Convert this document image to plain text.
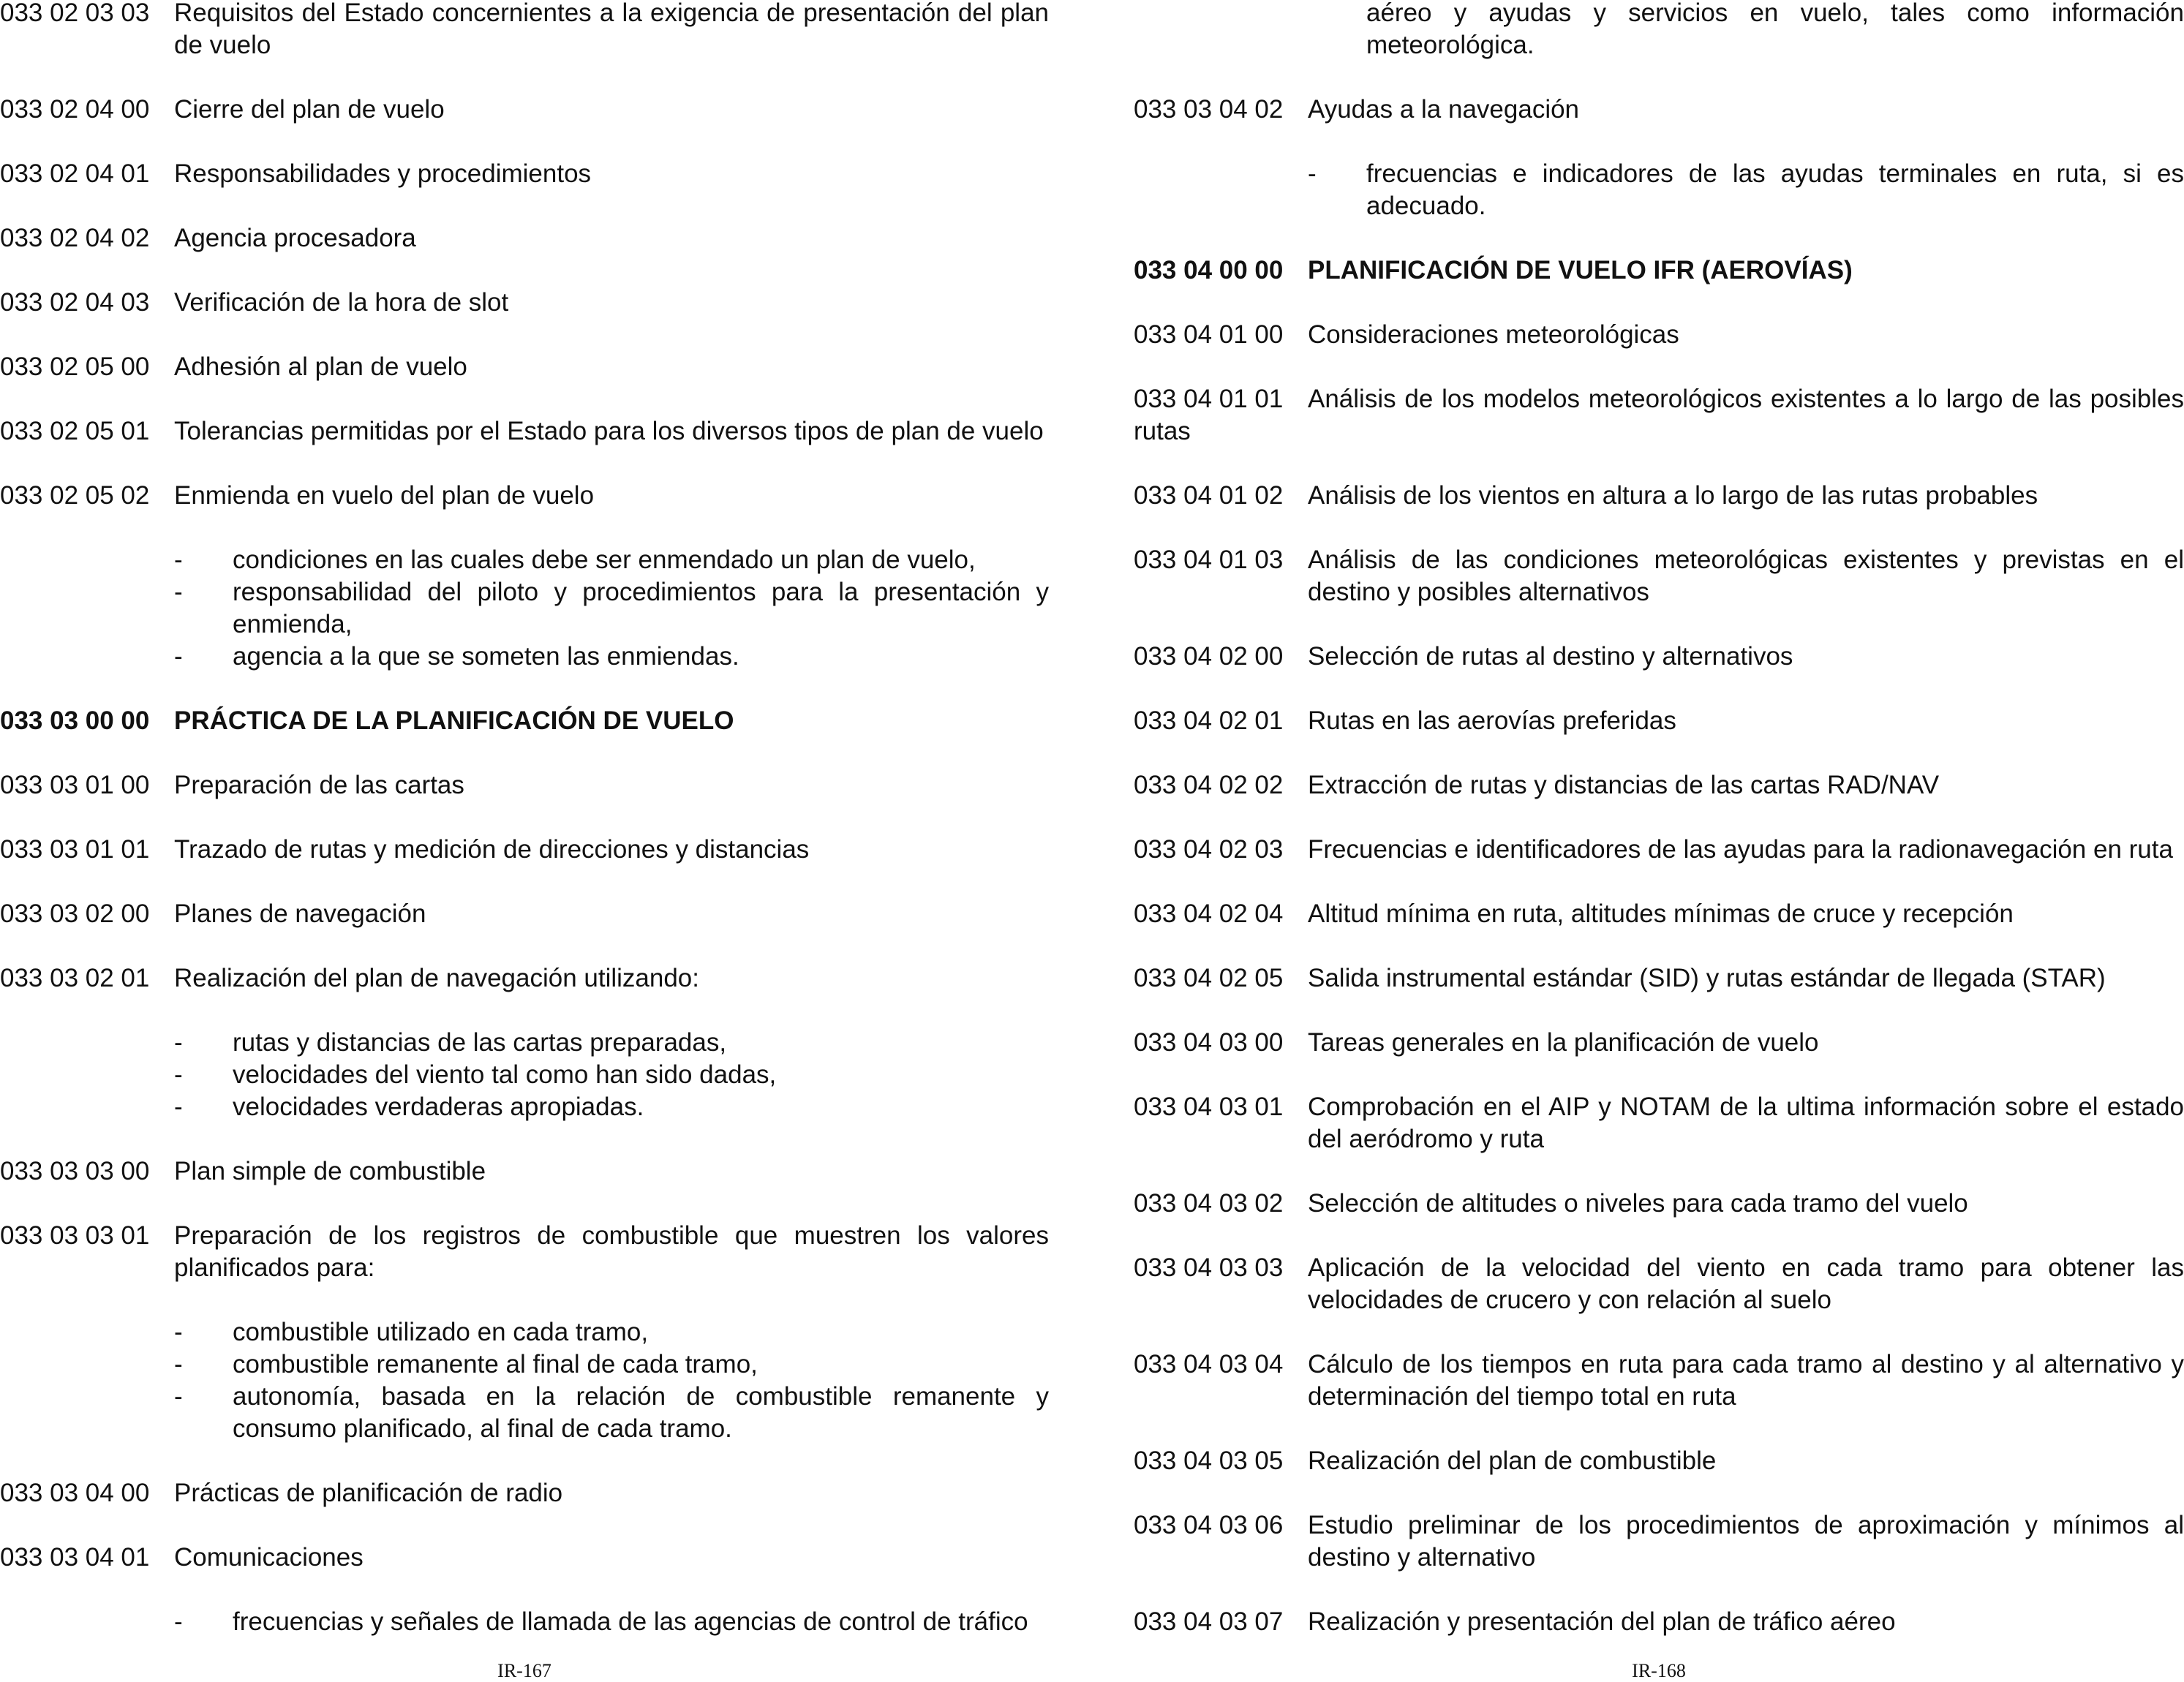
033 02 03 03 Requisitos del Estado concernientes a la exigencia de presentación del plan de vuelo
033 02 04 00 Cierre del plan de vuelo
033 02 04 01 Responsabilidades y procedimientos
033 02 04 02 Agencia procesadora
033 02 04 03 Verificación de la hora de slot
033 02 05 00 Adhesión al plan de vuelo
033 02 05 01 Tolerancias permitidas por el Estado para los diversos tipos de plan de vuelo
033 02 05 02 Enmienda en vuelo del plan de vuelo
-	condiciones en las cuales debe ser enmendado un plan de vuelo,
-	responsabilidad del piloto y procedimientos para la presentación y enmienda,
-	agencia a la que se someten las enmiendas.
033 03 00 00 PRÁCTICA DE LA PLANIFICACIÓN DE VUELO
033 03 01 00 Preparación de las cartas
033 03 01 01 Trazado de rutas y medición de direcciones y distancias
033 03 02 00 Planes de navegación
033 03 02 01 Realización del plan de navegación utilizando:
-	rutas y distancias de las cartas preparadas,
-	velocidades del viento tal como han sido dadas,
-	velocidades verdaderas apropiadas.
033 03 03 00 Plan simple de combustible
033 03 03 01 Preparación de los registros de combustible que muestren los valores planificados para:
-	combustible utilizado en cada tramo,
-	combustible remanente al final de cada tramo,
-	autonomía, basada en la relación de combustible remanente y consumo planificado, al final de cada tramo.
033 03 04 00 Prácticas de planificación de radio
033 03 04 01 Comunicaciones
-	frecuencias y señales de llamada de las agencias de control de tráfico
IR-167
aéreo y ayudas y servicios en vuelo, tales como información meteorológica.
033 03 04 02 Ayudas a la navegación
-	frecuencias e indicadores de las ayudas terminales en ruta, si es adecuado.
033 04 00 00 PLANIFICACIÓN DE VUELO IFR (AEROVÍAS)
033 04 01 00 Consideraciones meteorológicas
033 04 01 01 Análisis de los modelos meteorológicos existentes a lo largo de las posibles rutas
033 04 01 02 Análisis de los vientos en altura a lo largo de las rutas probables
033 04 01 03 Análisis de las condiciones meteorológicas existentes y previstas en el destino y posibles alternativos
033 04 02 00 Selección de rutas al destino y alternativos
033 04 02 01 Rutas en las aerovías preferidas
033 04 02 02 Extracción de rutas y distancias de las cartas RAD/NAV
033 04 02 03 Frecuencias e identificadores de las ayudas para la radionavegación en ruta
033 04 02 04 Altitud mínima en ruta, altitudes mínimas de cruce y recepción
033 04 02 05 Salida instrumental estándar (SID) y rutas estándar de llegada (STAR)
033 04 03 00 Tareas generales en la planificación de vuelo
033 04 03 01 Comprobación en el AIP y NOTAM de la ultima información sobre el estado del aeródromo y ruta
033 04 03 02 Selección de altitudes o niveles para cada tramo del vuelo
033 04 03 03 Aplicación de la velocidad del viento en cada tramo para obtener las velocidades de crucero y con relación al suelo
033 04 03 04 Cálculo de los tiempos en ruta para cada tramo al destino y al alternativo y determinación del tiempo total en ruta
033 04 03 05 Realización del plan de combustible
033 04 03 06 Estudio preliminar de los procedimientos de aproximación y mínimos al destino y alternativo
033 04 03 07 Realización y presentación del plan de tráfico aéreo
IR-168
